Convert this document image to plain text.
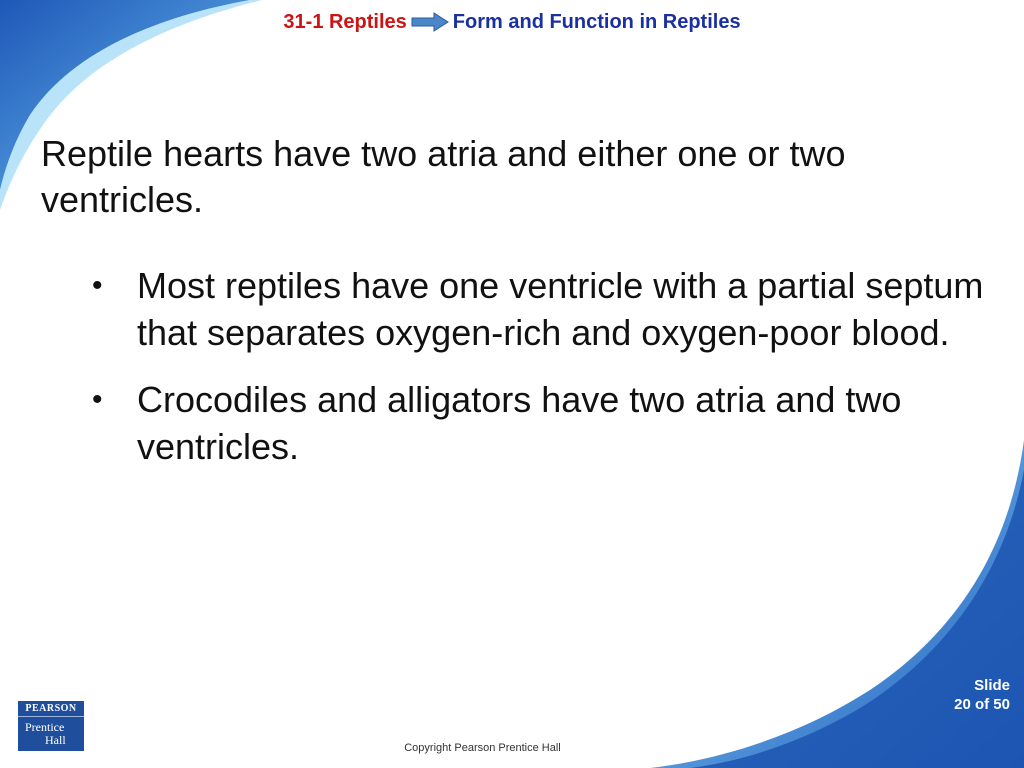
31-1 Reptiles Form and Function in Reptiles
Reptile hearts have two atria and either one or two ventricles.
• Most reptiles have one ventricle with a partial septum that separates oxygen-rich and oxygen-poor blood.
• Crocodiles and alligators have two atria and two ventricles.
Slide
20 of 50
Copyright Pearson Prentice Hall
PEARSON
Prentice
Hall
